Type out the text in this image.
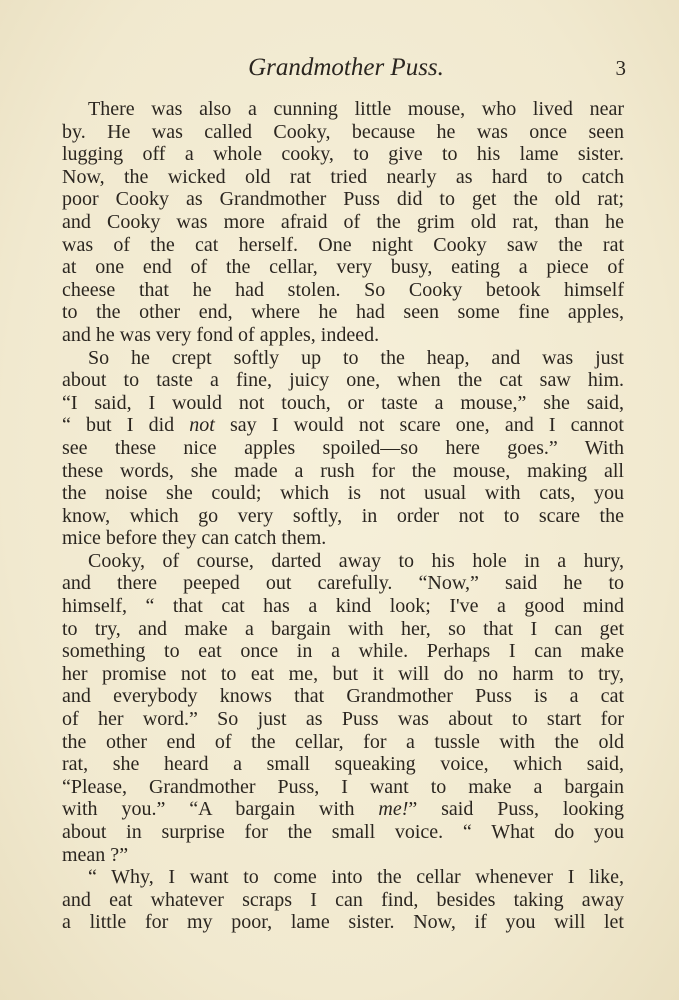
Grandmother Puss.	3
There was also a cunning little mouse, who lived near
by. He was called Cooky, because he was once seen
lugging off a whole cooky, to give to his lame sister.
Now, the wicked old rat tried nearly as hard to catch
poor Cooky as Grandmother Puss did to get the old rat;
and Cooky was more afraid of the grim old rat, than he
was of the cat herself. One night Cooky saw the rat
at one end of the cellar, very busy, eating a piece of
cheese that he had stolen. So Cooky betook himself
to the other end, where he had seen some fine apples,
and he was very fond of apples, indeed.
So he crept softly up to the heap, and was just
about to taste a fine, juicy one, when the cat saw him.
“I said, I would not touch, or taste a mouse,” she said,
“ but I did not say I would not scare one, and I cannot
see these nice apples spoiled—so here goes.” With
these words, she made a rush for the mouse, making all
the noise she could; which is not usual with cats, you
know, which go very softly, in order not to scare the
mice before they can catch them.
Cooky, of course, darted away to his hole in a hury,
and there peeped out carefully. “Now,” said he to
himself, “ that cat has a kind look; I've a good mind
to try, and make a bargain with her, so that I can get
something to eat once in a while. Perhaps I can make
her promise not to eat me, but it will do no harm to try,
and everybody knows that Grandmother Puss is a cat
of her word.” So just as Puss was about to start for
the other end of the cellar, for a tussle with the old
rat, she heard a small squeaking voice, which said,
“Please, Grandmother Puss, I want to make a bargain
with you.” “A bargain with me!” said Puss, looking
about in surprise for the small voice. “ What do you
mean ?”
“ Why, I want to come into the cellar whenever I like,
and eat whatever scraps I can find, besides taking away
a little for my poor, lame sister. Now, if you will let
